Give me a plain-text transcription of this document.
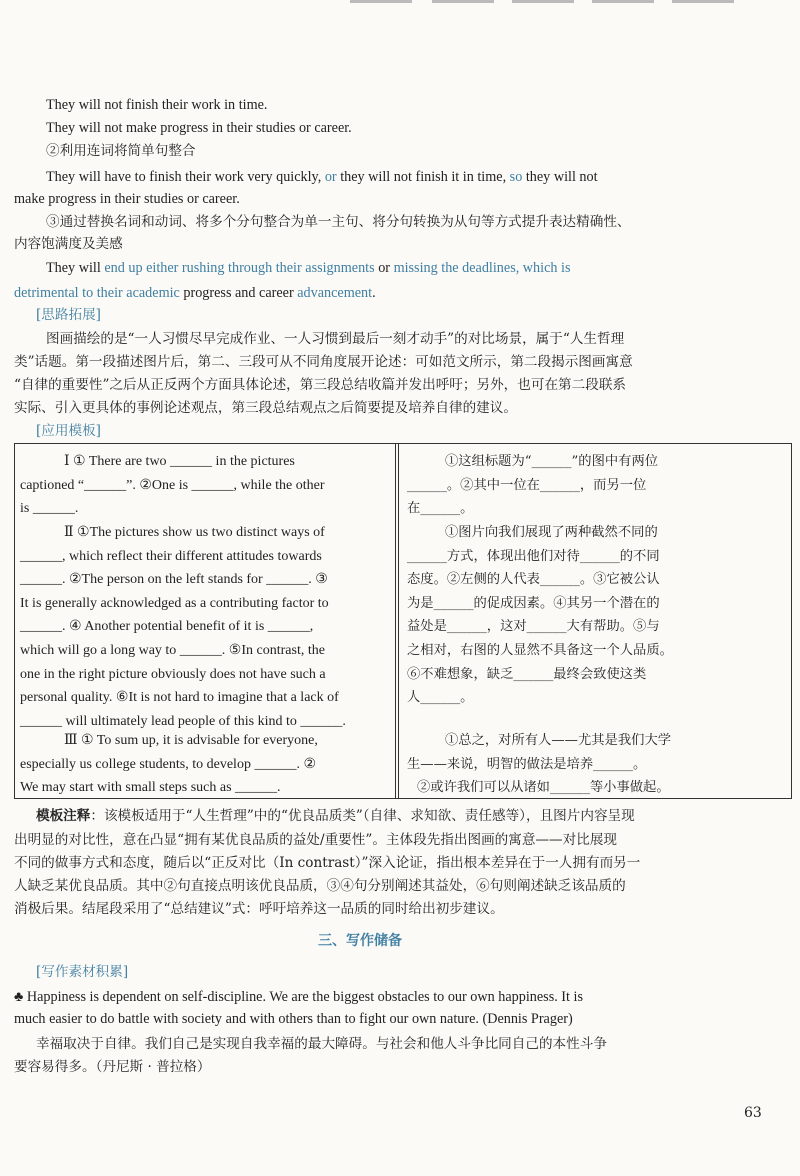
They will not finish their work in time.
They will not make progress in their studies or career.
②利用连词将简单句整合
They will have to finish their work very quickly, or they will not finish it in time, so they will not
make progress in their studies or career.
③通过替换名词和动词、将多个分句整合为单一主句、将分句转换为从句等方式提升表达精确性、
内容饱满度及美感
They will end up either rushing through their assignments or missing the deadlines, which is
detrimental to their academic progress and career advancement.
[思路拓展]
图画描绘的是“一人习惯尽早完成作业、一人习惯到最后一刻才动手”的对比场景，属于“人生哲理
类”话题。第一段描述图片后，第二、三段可从不同角度展开论述：可如范文所示，第二段揭示图画寓意
“自律的重要性”之后从正反两个方面具体论述，第三段总结收篇并发出呼吁；另外，也可在第二段联系
实际、引入更具体的事例论述观点，第三段总结观点之后简要提及培养自律的建议。
[应用模板]
Ⅰ ① There are two ______ in the pictures
captioned “______”. ②One is ______, while the other
is ______.
Ⅱ ①The pictures show us two distinct ways of
______, which reflect their different attitudes towards
______. ②The person on the left stands for ______. ③
It is generally acknowledged as a contributing factor to
______. ④ Another potential benefit of it is ______,
which will go a long way to ______. ⑤In contrast, the
one in the right picture obviously does not have such a
personal quality. ⑥It is not hard to imagine that a lack of
______ will ultimately lead people of this kind to ______.
Ⅲ ① To sum up, it is advisable for everyone,
especially us college students, to develop ______. ②
We may start with small steps such as ______.
①这组标题为“______”的图中有两位
______。②其中一位在______，而另一位
在______。
①图片向我们展现了两种截然不同的
______方式，体现出他们对待______的不同
态度。②左侧的人代表______。③它被公认
为是______的促成因素。④其另一个潜在的
益处是______，这对______大有帮助。⑤与
之相对，右图的人显然不具备这一个人品质。
⑥不难想象，缺乏______最终会致使这类
人______。
①总之，对所有人——尤其是我们大学
生——来说，明智的做法是培养______。
②或许我们可以从诸如______等小事做起。
模板注释：该模板适用于“人生哲理”中的“优良品质类”（自律、求知欲、责任感等），且图片内容呈现
出明显的对比性，意在凸显“拥有某优良品质的益处/重要性”。主体段先指出图画的寓意——对比展现
不同的做事方式和态度，随后以“正反对比（In contrast）”深入论证，指出根本差异在于一人拥有而另一
人缺乏某优良品质。其中②句直接点明该优良品质，③④句分别阐述其益处，⑥句则阐述缺乏该品质的
消极后果。结尾段采用了“总结建议”式：呼吁培养这一品质的同时给出初步建议。
三、写作储备
[写作素材积累]
♣ Happiness is dependent on self-discipline. We are the biggest obstacles to our own happiness. It is
much easier to do battle with society and with others than to fight our own nature. (Dennis Prager)
幸福取决于自律。我们自己是实现自我幸福的最大障碍。与社会和他人斗争比同自己的本性斗争
要容易得多。（丹尼斯 · 普拉格）
63
